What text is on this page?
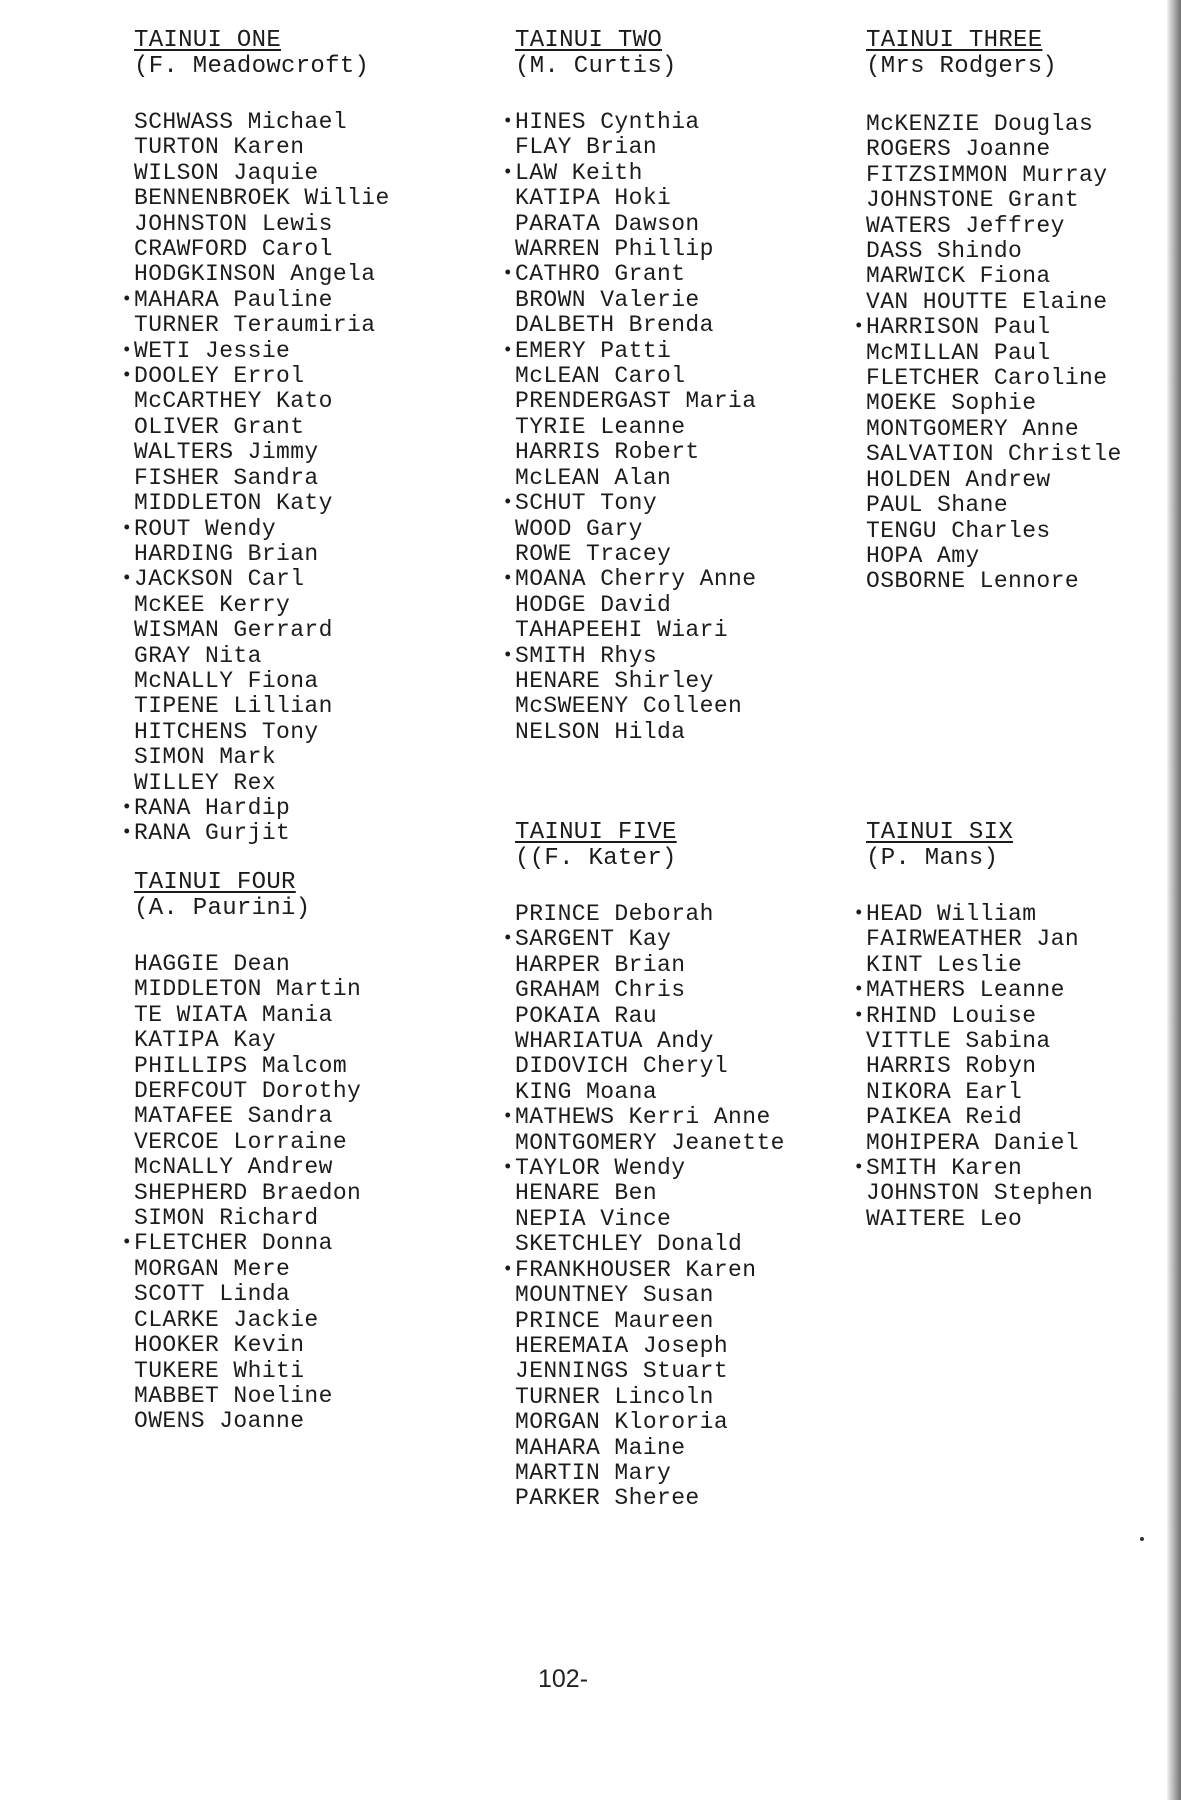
TAINUI ONE
(F. Meadowcroft)
SCHWASS Michael
TURTON Karen
WILSON Jaquie
BENNENBROEK Willie
JOHNSTON Lewis
CRAWFORD Carol
HODGKINSON Angela
• MAHARA Pauline
TURNER Teraumiria
• WETI Jessie
• DOOLEY Errol
McCARTHEY Kato
OLIVER Grant
WALTERS Jimmy
FISHER Sandra
MIDDLETON Katy
• ROUT Wendy
HARDING Brian
• JACKSON Carl
McKEE Kerry
WISMAN Gerrard
GRAY Nita
McNALLY Fiona
TIPENE Lillian
HITCHENS Tony
SIMON Mark
WILLEY Rex
• RANA Hardip
• RANA Gurjit
TAINUI TWO
(M. Curtis)
• HINES Cynthia
FLAY Brian
• LAW Keith
KATIPA Hoki
PARATA Dawson
WARREN Phillip
• CATHRO Grant
BROWN Valerie
DALBETH Brenda
• EMERY Patti
McLEAN Carol
PRENDERGAST Maria
TYRIE Leanne
HARRIS Robert
McLEAN Alan
• SCHUT Tony
WOOD Gary
ROWE Tracey
• MOANA Cherry Anne
HODGE David
TAHAPEEHI Wiari
• SMITH Rhys
HENARE Shirley
McSWEENY Colleen
NELSON Hilda
TAINUI THREE
(Mrs Rodgers)
McKENZIE Douglas
ROGERS Joanne
FITZSIMMON Murray
JOHNSTONE Grant
WATERS Jeffrey
DASS Shindo
MARWICK Fiona
VAN HOUTTE Elaine
• HARRISON Paul
McMILLAN Paul
FLETCHER Caroline
MOEKE Sophie
MONTGOMERY Anne
SALVATION Christle
HOLDEN Andrew
PAUL Shane
TENGU Charles
HOPA Amy
OSBORNE Lennore
TAINUI FOUR
(A. Paurini)
HAGGIE Dean
MIDDLETON Martin
TE WIATA Mania
KATIPA Kay
PHILLIPS Malcom
DERFCOUT Dorothy
MATAFEE Sandra
VERCOE Lorraine
McNALLY Andrew
SHEPHERD Braedon
SIMON Richard
• FLETCHER Donna
MORGAN Mere
SCOTT Linda
CLARKE Jackie
HOOKER Kevin
TUKERE Whiti
MABBET Noeline
OWENS Joanne
TAINUI FIVE
((F. Kater)
PRINCE Deborah
• SARGENT Kay
HARPER Brian
GRAHAM Chris
POKAIA Rau
WHARIATUA Andy
DIDOVICH Cheryl
KING Moana
• MATHEWS Kerri Anne
MONTGOMERY Jeanette
• TAYLOR Wendy
HENARE Ben
NEPIA Vince
SKETCHLEY Donald
• FRANKHOUSER Karen
MOUNTNEY Susan
PRINCE Maureen
HEREMAIA Joseph
JENNINGS Stuart
TURNER Lincoln
MORGAN Klororia
MAHARA Maine
MARTIN Mary
PARKER Sheree
TAINUI SIX
(P. Mans)
• HEAD William
FAIRWEATHER Jan
KINT Leslie
• MATHERS Leanne
• RHIND Louise
VITTLE Sabina
HARRIS Robyn
NIKORA Earl
PAIKEA Reid
MOHIPERA Daniel
• SMITH Karen
JOHNSTON Stephen
WAITERE Leo
102-
